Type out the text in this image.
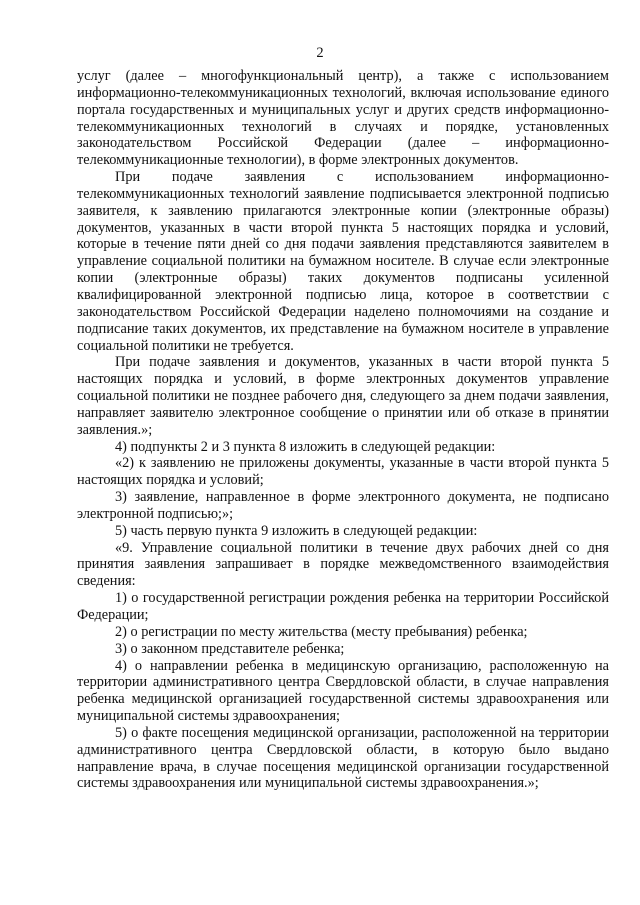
2

услуг (далее – многофункциональный центр), а также с использованием информационно-телекоммуникационных технологий, включая использование единого портала государственных и муниципальных услуг и других средств информационно-телекоммуникационных технологий в случаях и порядке, установленных законодательством Российской Федерации (далее – информационно-телекоммуникационные технологии), в форме электронных документов.

При подаче заявления с использованием информационно-телекоммуникационных технологий заявление подписывается электронной подписью заявителя, к заявлению прилагаются электронные копии (электронные образы) документов, указанных в части второй пункта 5 настоящих порядка и условий, которые в течение пяти дней со дня подачи заявления представляются заявителем в управление социальной политики на бумажном носителе. В случае если электронные копии (электронные образы) таких документов подписаны усиленной квалифицированной электронной подписью лица, которое в соответствии с законодательством Российской Федерации наделено полномочиями на создание и подписание таких документов, их представление на бумажном носителе в управление социальной политики не требуется.

При подаче заявления и документов, указанных в части второй пункта 5 настоящих порядка и условий, в форме электронных документов управление социальной политики не позднее рабочего дня, следующего за днем подачи заявления, направляет заявителю электронное сообщение о принятии или об отказе в принятии заявления.»;

4) подпункты 2 и 3 пункта 8 изложить в следующей редакции:

«2) к заявлению не приложены документы, указанные в части второй пункта 5 настоящих порядка и условий;

3) заявление, направленное в форме электронного документа, не подписано электронной подписью;»;

5) часть первую пункта 9 изложить в следующей редакции:

«9. Управление социальной политики в течение двух рабочих дней со дня принятия заявления запрашивает в порядке межведомственного взаимодействия сведения:

1) о государственной регистрации рождения ребенка на территории Российской Федерации;

2) о регистрации по месту жительства (месту пребывания) ребенка;

3) о законном представителе ребенка;

4) о направлении ребенка в медицинскую организацию, расположенную на территории административного центра Свердловской области, в случае направления ребенка медицинской организацией государственной системы здравоохранения или муниципальной системы здравоохранения;

5) о факте посещения медицинской организации, расположенной на территории административного центра Свердловской области, в которую было выдано направление врача, в случае посещения медицинской организации государственной системы здравоохранения или муниципальной системы здравоохранения.»;
